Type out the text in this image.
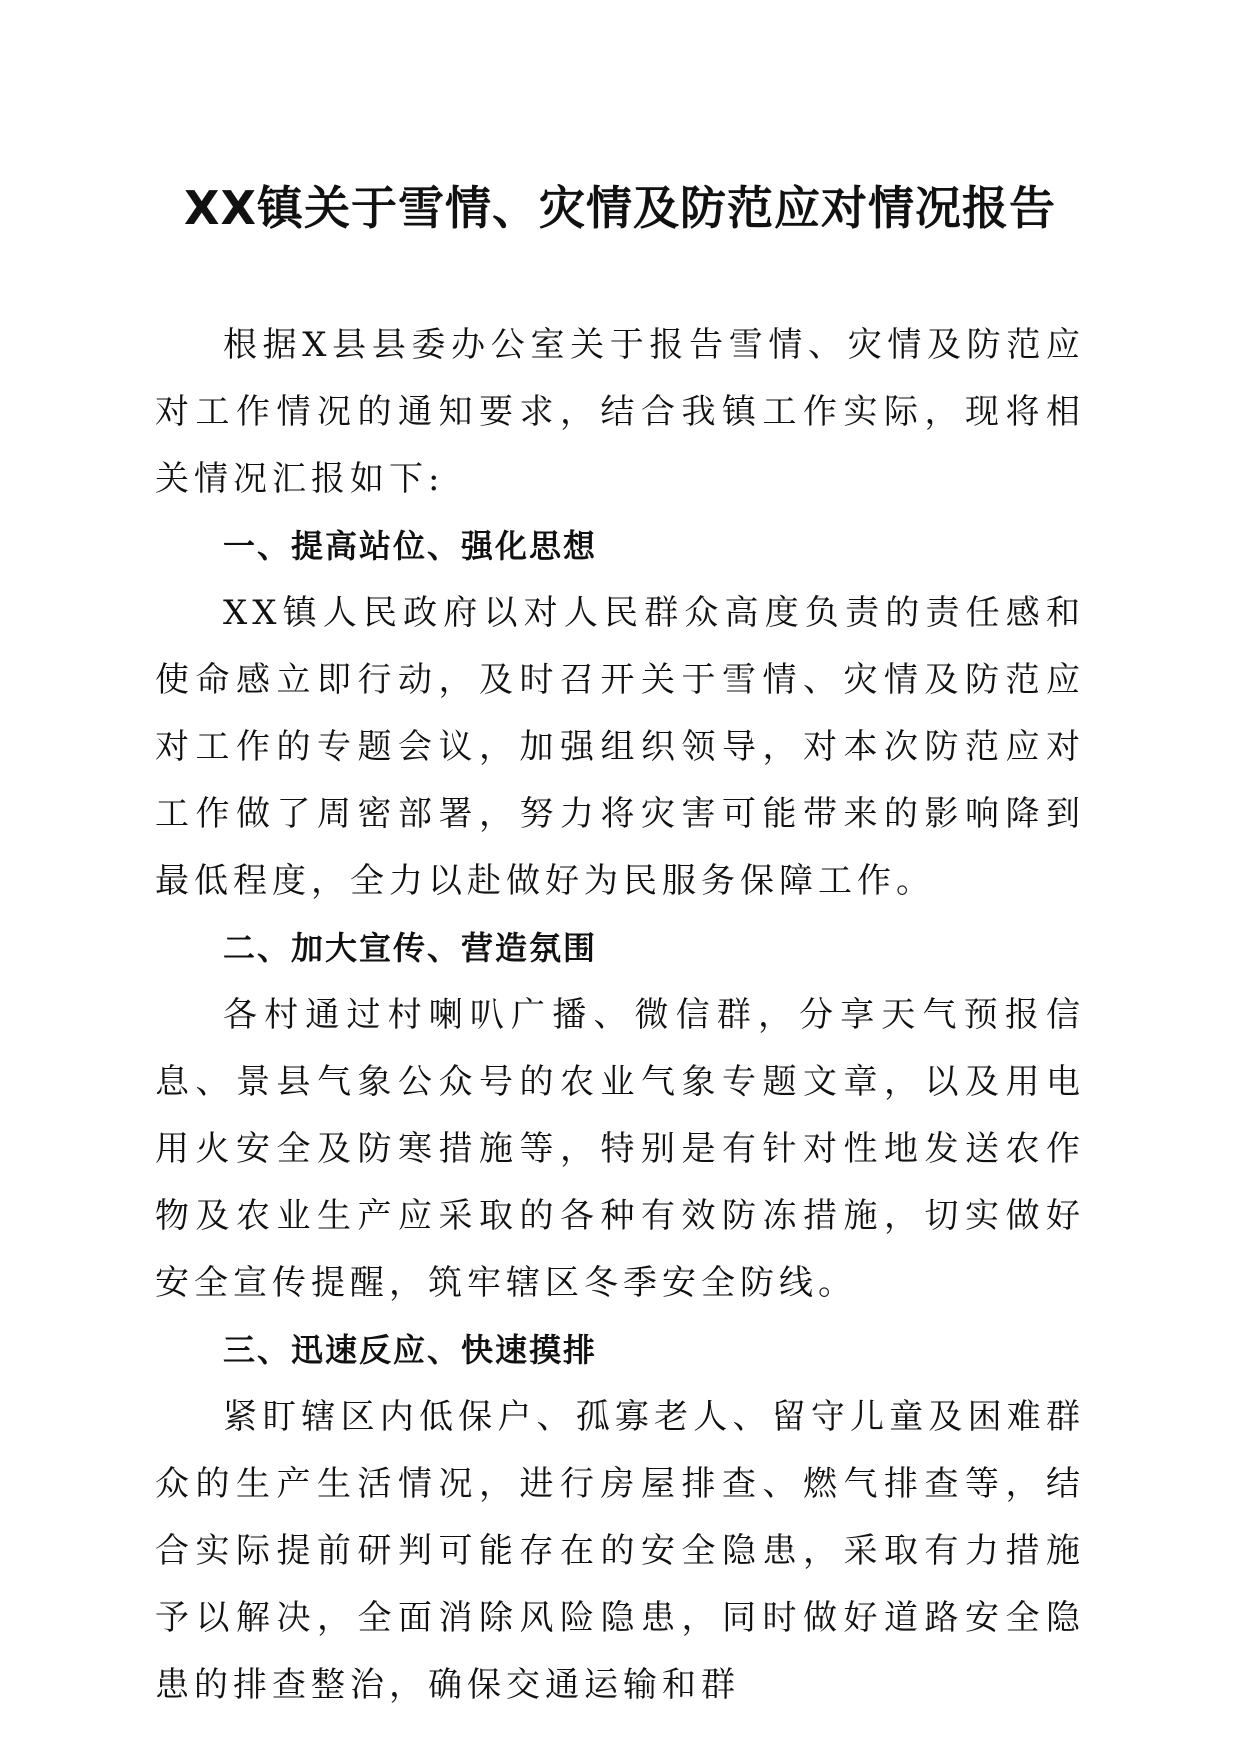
XX镇关于雪情、灾情及防范应对情况报告

根据X县县委办公室关于报告雪情、灾情及防范应对工作情况的通知要求，结合我镇工作实际，现将相关情况汇报如下:

一、提高站位、强化思想

XX镇人民政府以对人民群众高度负责的责任感和使命感立即行动，及时召开关于雪情、灾情及防范应对工作的专题会议，加强组织领导，对本次防范应对工作做了周密部署，努力将灾害可能带来的影响降到最低程度，全力以赴做好为民服务保障工作。

二、加大宣传、营造氛围

各村通过村喇叭广播、微信群，分享天气预报信息、景县气象公众号的农业气象专题文章，以及用电用火安全及防寒措施等，特别是有针对性地发送农作物及农业生产应采取的各种有效防冻措施，切实做好安全宣传提醒，筑牢辖区冬季安全防线。

三、迅速反应、快速摸排

紧盯辖区内低保户、孤寡老人、留守儿童及困难群众的生产生活情况，进行房屋排查、燃气排查等，结合实际提前研判可能存在的安全隐患，采取有力措施予以解决，全面消除风险隐患，同时做好道路安全隐患的排查整治，确保交通运输和群
